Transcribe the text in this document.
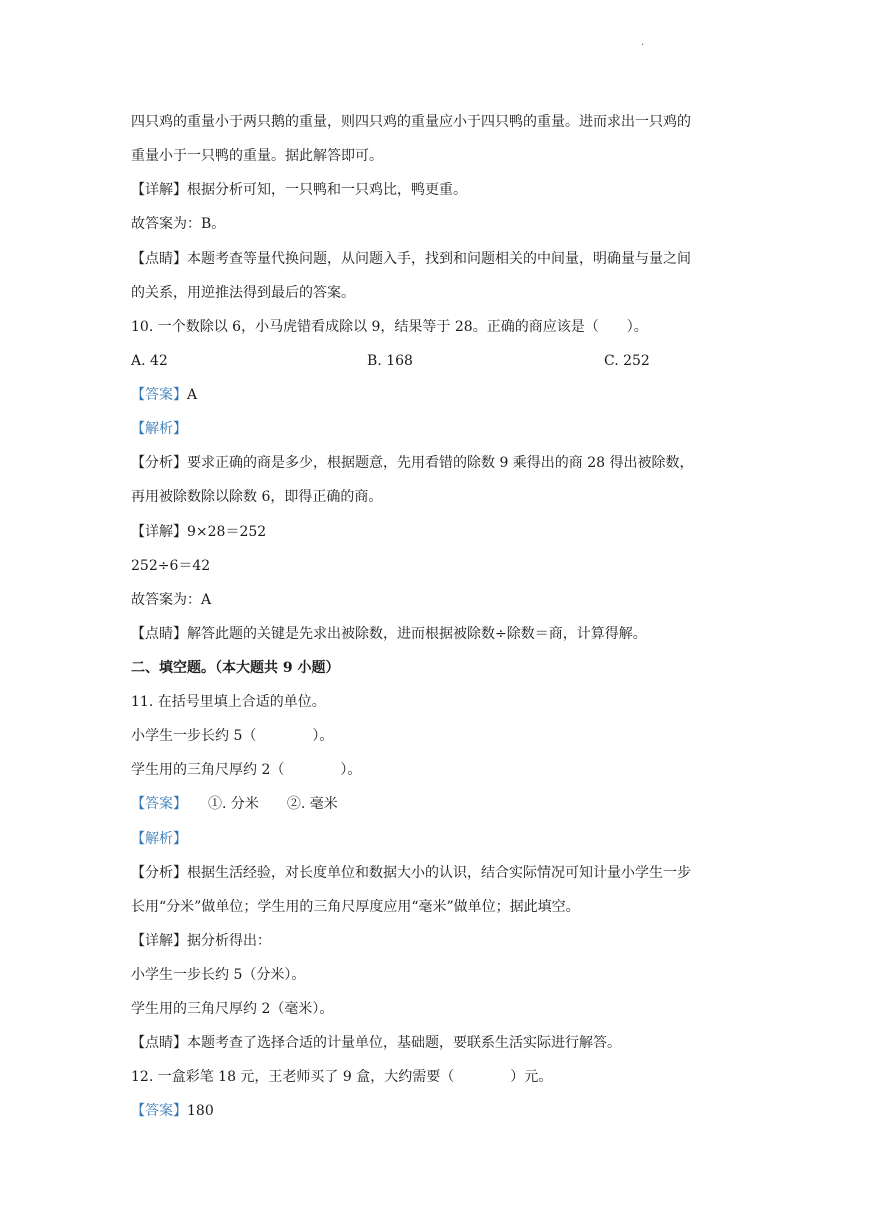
·
四只鸡的重量小于两只鹅的重量，则四只鸡的重量应小于四只鸭的重量。进而求出一只鸡的
重量小于一只鸭的重量。据此解答即可。
【详解】根据分析可知，一只鸭和一只鸡比，鸭更重。
故答案为：B。
【点睛】本题考查等量代换问题，从问题入手，找到和问题相关的中间量，明确量与量之间
的关系，用逆推法得到最后的答案。
10. 一个数除以 6，小马虎错看成除以 9，结果等于 28。正确的商应该是（　　）。
A. 42	B. 168	C. 252
【答案】A
【解析】
【分析】要求正确的商是多少，根据题意，先用看错的除数 9 乘得出的商 28 得出被除数，
再用被除数除以除数 6，即得正确的商。
【详解】9×28＝252
252÷6＝42
故答案为：A
【点睛】解答此题的关键是先求出被除数，进而根据被除数÷除数＝商，计算得解。
二、填空题。（本大题共 9 小题）
11. 在括号里填上合适的单位。
小学生一步长约 5（　　　　）。
学生用的三角尺厚约 2（　　　　）。
【答案】　　①. 分米　　②. 毫米
【解析】
【分析】根据生活经验，对长度单位和数据大小的认识，结合实际情况可知计量小学生一步
长用“分米”做单位；学生用的三角尺厚度应用“毫米”做单位；据此填空。
【详解】据分析得出：
小学生一步长约 5（分米）。
学生用的三角尺厚约 2（毫米）。
【点睛】本题考查了选择合适的计量单位，基础题，要联系生活实际进行解答。
12. 一盒彩笔 18 元，王老师买了 9 盒，大约需要（　　　　）元。
【答案】180
